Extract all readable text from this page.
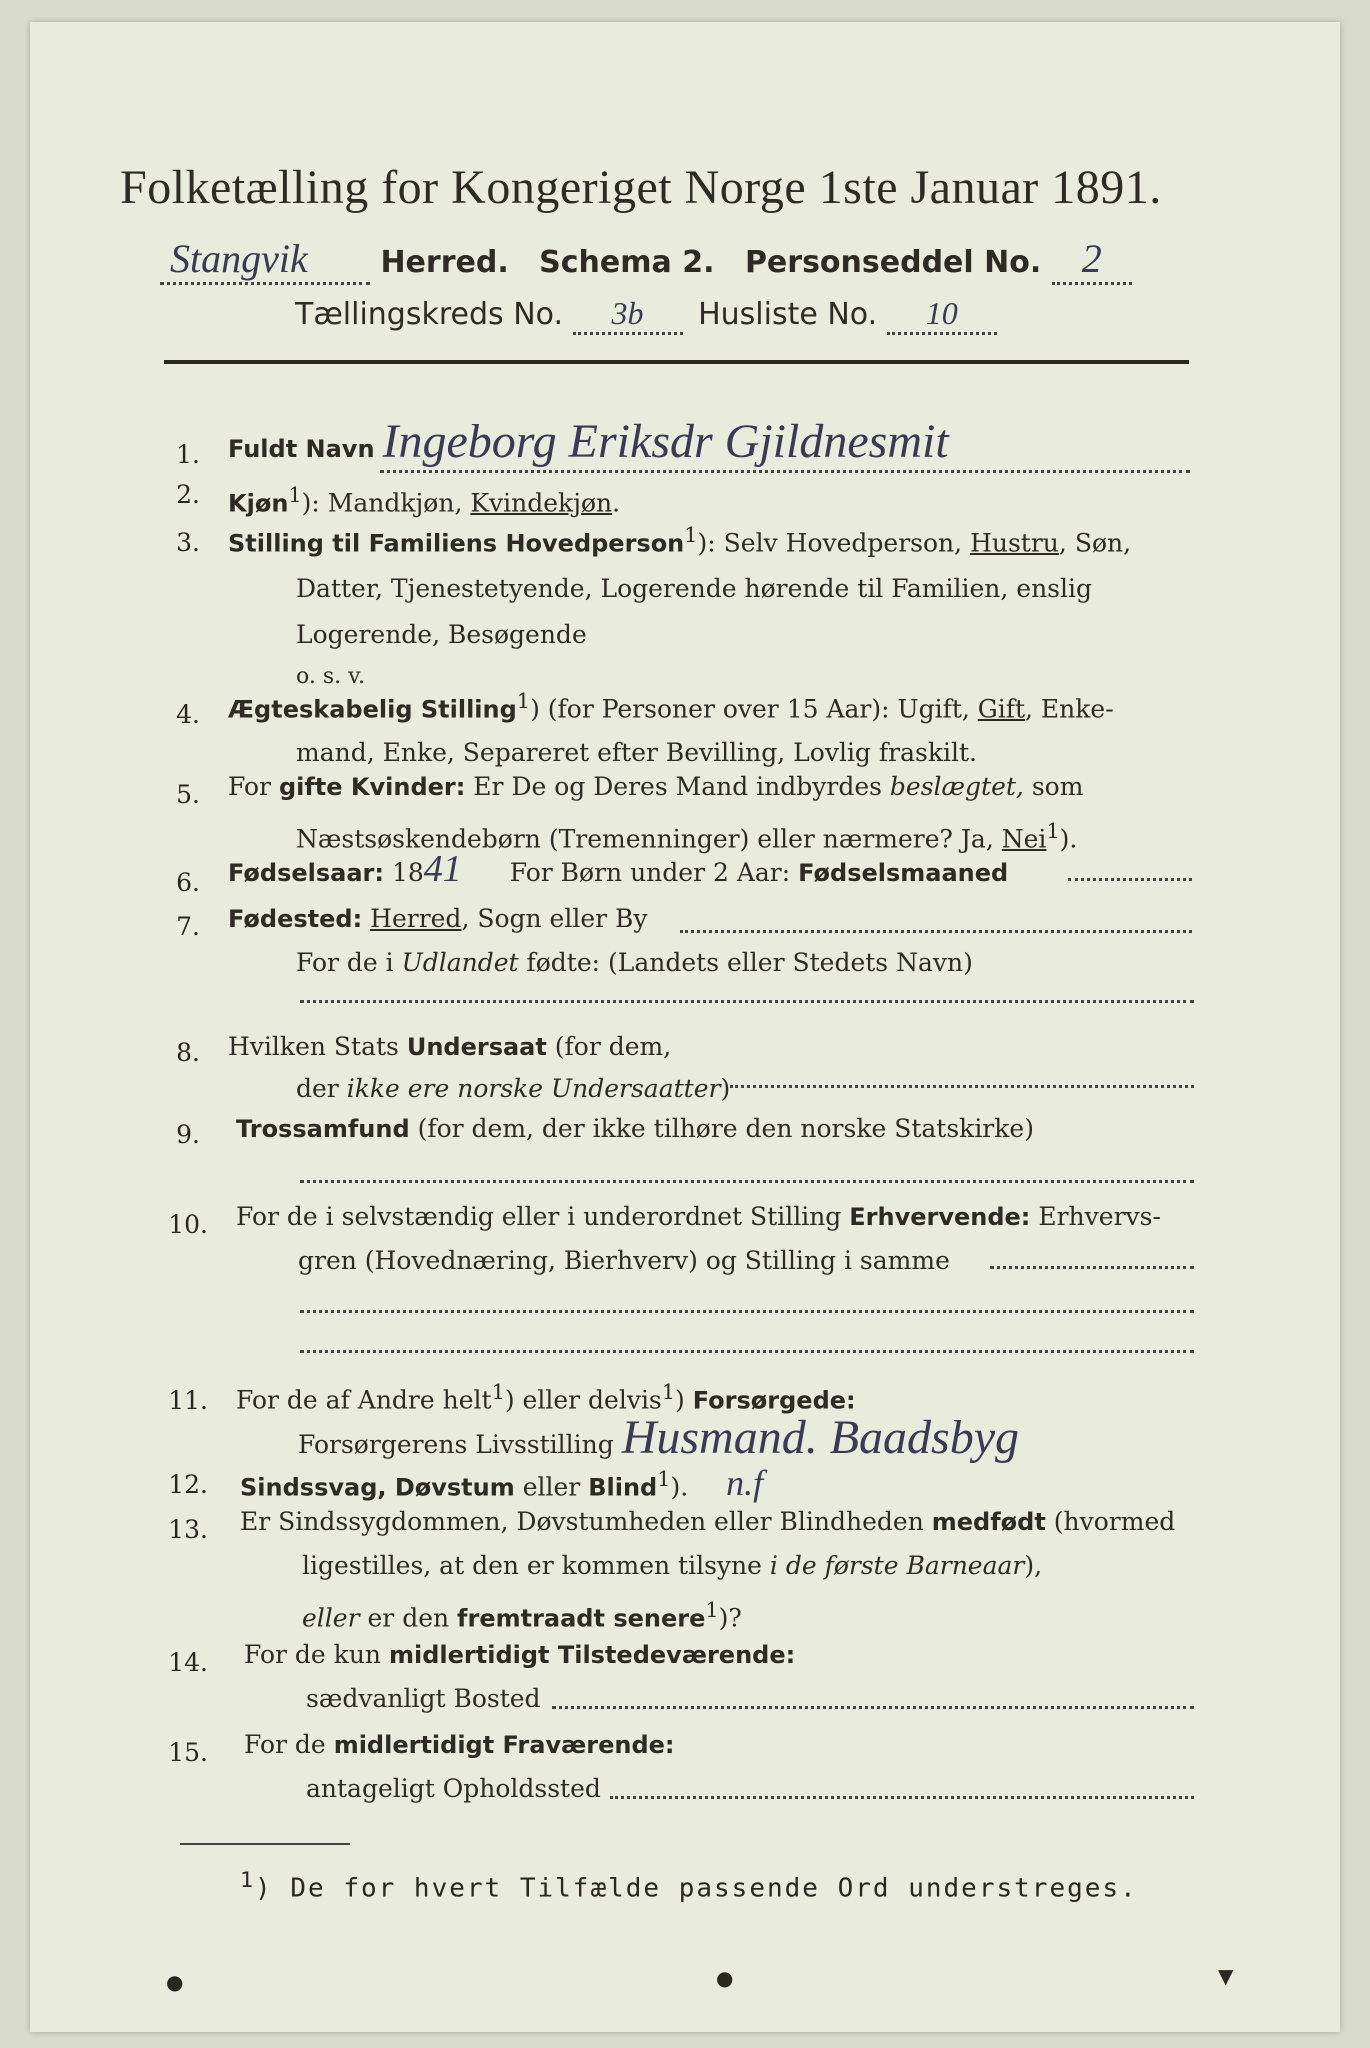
Folketælling for Kongeriget Norge 1ste Januar 1891.
Stangvik Herred. Schema 2. Personseddel No. 2
Tællingskreds No. 3b Husliste No. 10
1. Fuldt Navn Ingeborg Eriksdr Gjildnesmit
2. Kjøn$^1$): Mandkjøn, Kvindekjøn.
3. Stilling til Familiens Hovedperson$^1$): Selv Hovedperson, Hustru, Søn,
Datter, Tjenestetyende, Logerende hørende til Familien, enslig
Logerende, Besøgende
o. s. v.
4. Ægteskabelig Stilling$^1$) (for Personer over 15 Aar): Ugift, Gift, Enke-
mand, Enke, Separeret efter Bevilling, Lovlig fraskilt.
5. For gifte Kvinder: Er De og Deres Mand indbyrdes beslægtet, som
Næstsøskendebørn (Tremenninger) eller nærmere? Ja, Nei$^1$).
6. Fødselsaar: 1841 For Børn under 2 Aar: Fødselsmaaned
7. Fødested: Herred, Sogn eller By
For de i Udlandet fødte: (Landets eller Stedets Navn)
8. Hvilken Stats Undersaat (for dem,
der ikke ere norske Undersaatter)
9. Trossamfund (for dem, der ikke tilhøre den norske Statskirke)
10. For de i selvstændig eller i underordnet Stilling Erhvervende: Erhvervs-
gren (Hovednæring, Bierhverv) og Stilling i samme
11. For de af Andre helt$^1$) eller delvis$^1$) Forsørgede:
Forsørgerens Livsstilling Husmand. Baadsbyg
12. Sindssvag, Døvstum eller Blind$^1$). n.f
13. Er Sindssygdommen, Døvstumheden eller Blindheden medfødt (hvormed
ligestilles, at den er kommen tilsyne i de første Barneaar),
eller er den fremtraadt senere$^1$)?
14. For de kun midlertidigt Tilstedeværende:
sædvanligt Bosted
15. For de midlertidigt Fraværende:
antageligt Opholdssted
$^1$) De for hvert Tilfælde passende Ord understreges.
●	●	▼
